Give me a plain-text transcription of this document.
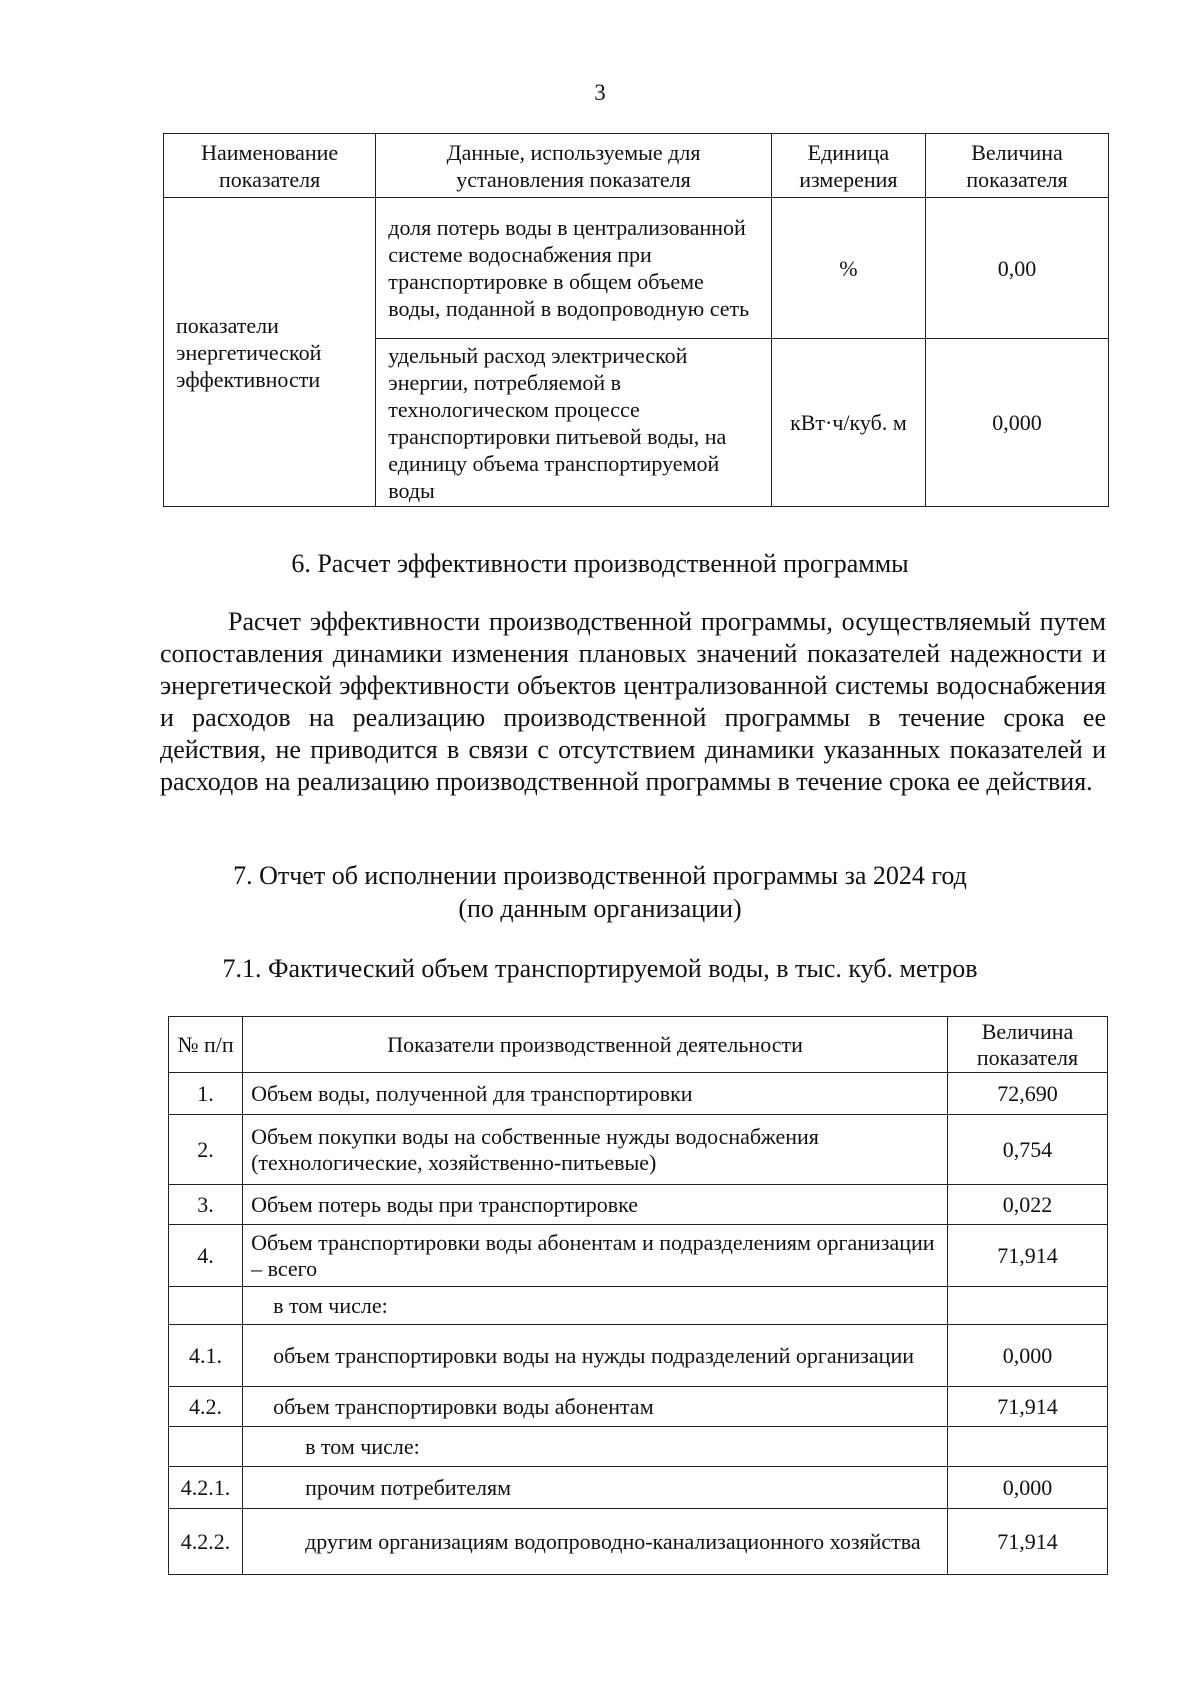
3
Наименование показателя	Данные, используемые для установления показателя	Единица измерения	Величина показателя
показатели энергетической эффективности	доля потерь воды в централизованной системе водоснабжения при транспортировке в общем объеме воды, поданной в водопроводную сеть	%	0,00
	удельный расход электрической энергии, потребляемой в технологическом процессе транспортировки питьевой воды, на единицу объема транспортируемой воды	кВт·ч/куб. м	0,000
6. Расчет эффективности производственной программы
Расчет эффективности производственной программы, осуществляемый путем сопоставления динамики изменения плановых значений показателей надежности и энергетической эффективности объектов централизованной системы водоснабжения и расходов на реализацию производственной программы в течение срока ее действия, не приводится в связи с отсутствием динамики указанных показателей и расходов на реализацию производственной программы в течение срока ее действия.
7. Отчет об исполнении производственной программы за 2024 год
(по данным организации)
7.1. Фактический объем транспортируемой воды, в тыс. куб. метров
№ п/п	Показатели производственной деятельности	Величина показателя
1.	Объем воды, полученной для транспортировки	72,690
2.	Объем покупки воды на собственные нужды водоснабжения (технологические, хозяйственно-питьевые)	0,754
3.	Объем потерь воды при транспортировке	0,022
4.	Объем транспортировки воды абонентам и подразделениям организации – всего	71,914
	в том числе:	
4.1.	объем транспортировки воды на нужды подразделений организации	0,000
4.2.	объем транспортировки воды абонентам	71,914
	в том числе:	
4.2.1.	прочим потребителям	0,000
4.2.2.	другим организациям водопроводно-канализационного хозяйства	71,914
